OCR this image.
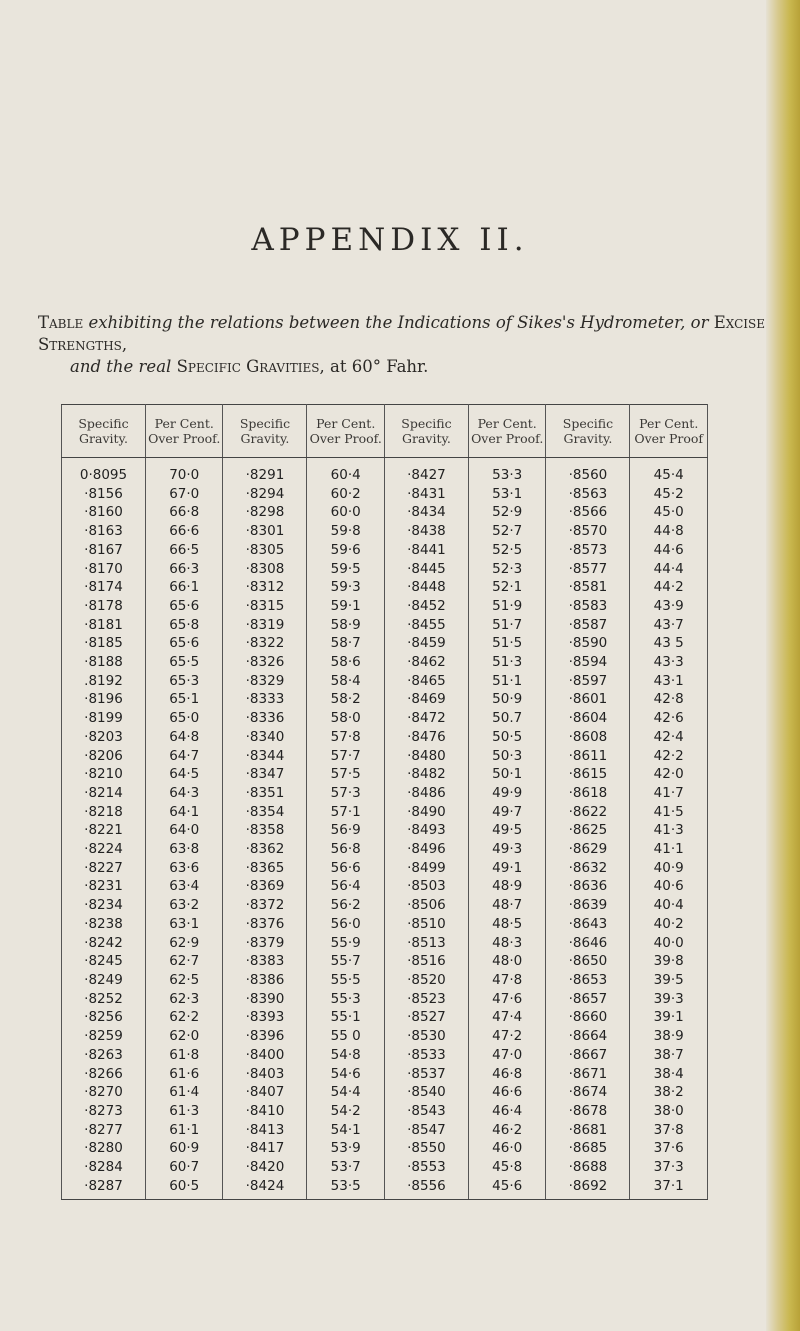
APPENDIX II.
Table exhibiting the relations between the Indications of Sikes's Hydrometer, or Excise Strengths,
and the real Specific Gravities, at 60° Fahr.
Specific Gravity.	Per Cent. Over Proof.	Specific Gravity.	Per Cent. Over Proof.	Specific Gravity.	Per Cent. Over Proof.	Specific Gravity.	Per Cent. Over Proof
0·8095	70·0	·8291	60·4	·8427	53·3	·8560	45·4
·8156	67·0	·8294	60·2	·8431	53·1	·8563	45·2
·8160	66·8	·8298	60·0	·8434	52·9	·8566	45·0
·8163	66·6	·8301	59·8	·8438	52·7	·8570	44·8
·8167	66·5	·8305	59·6	·8441	52·5	·8573	44·6
·8170	66·3	·8308	59·5	·8445	52·3	·8577	44·4
·8174	66·1	·8312	59·3	·8448	52·1	·8581	44·2
·8178	65·6	·8315	59·1	·8452	51·9	·8583	43·9
·8181	65·8	·8319	58·9	·8455	51·7	·8587	43·7
·8185	65·6	·8322	58·7	·8459	51·5	·8590	43 5
·8188	65·5	·8326	58·6	·8462	51·3	·8594	43·3
.8192	65·3	·8329	58·4	·8465	51·1	·8597	43·1
·8196	65·1	·8333	58·2	·8469	50·9	·8601	42·8
·8199	65·0	·8336	58·0	·8472	50.7	·8604	42·6
·8203	64·8	·8340	57·8	·8476	50·5	·8608	42·4
·8206	64·7	·8344	57·7	·8480	50·3	·8611	42·2
·8210	64·5	·8347	57·5	·8482	50·1	·8615	42·0
·8214	64·3	·8351	57·3	·8486	49·9	·8618	41·7
·8218	64·1	·8354	57·1	·8490	49·7	·8622	41·5
·8221	64·0	·8358	56·9	·8493	49·5	·8625	41·3
·8224	63·8	·8362	56·8	·8496	49·3	·8629	41·1
·8227	63·6	·8365	56·6	·8499	49·1	·8632	40·9
·8231	63·4	·8369	56·4	·8503	48·9	·8636	40·6
·8234	63·2	·8372	56·2	·8506	48·7	·8639	40·4
·8238	63·1	·8376	56·0	·8510	48·5	·8643	40·2
·8242	62·9	·8379	55·9	·8513	48·3	·8646	40·0
·8245	62·7	·8383	55·7	·8516	48·0	·8650	39·8
·8249	62·5	·8386	55·5	·8520	47·8	·8653	39·5
·8252	62·3	·8390	55·3	·8523	47·6	·8657	39·3
·8256	62·2	·8393	55·1	·8527	47·4	·8660	39·1
·8259	62·0	·8396	55 0	·8530	47·2	·8664	38·9
·8263	61·8	·8400	54·8	·8533	47·0	·8667	38·7
·8266	61·6	·8403	54·6	·8537	46·8	·8671	38·4
·8270	61·4	·8407	54·4	·8540	46·6	·8674	38·2
·8273	61·3	·8410	54·2	·8543	46·4	·8678	38·0
·8277	61·1	·8413	54·1	·8547	46·2	·8681	37·8
·8280	60·9	·8417	53·9	·8550	46·0	·8685	37·6
·8284	60·7	·8420	53·7	·8553	45·8	·8688	37·3
·8287	60·5	·8424	53·5	·8556	45·6	·8692	37·1
